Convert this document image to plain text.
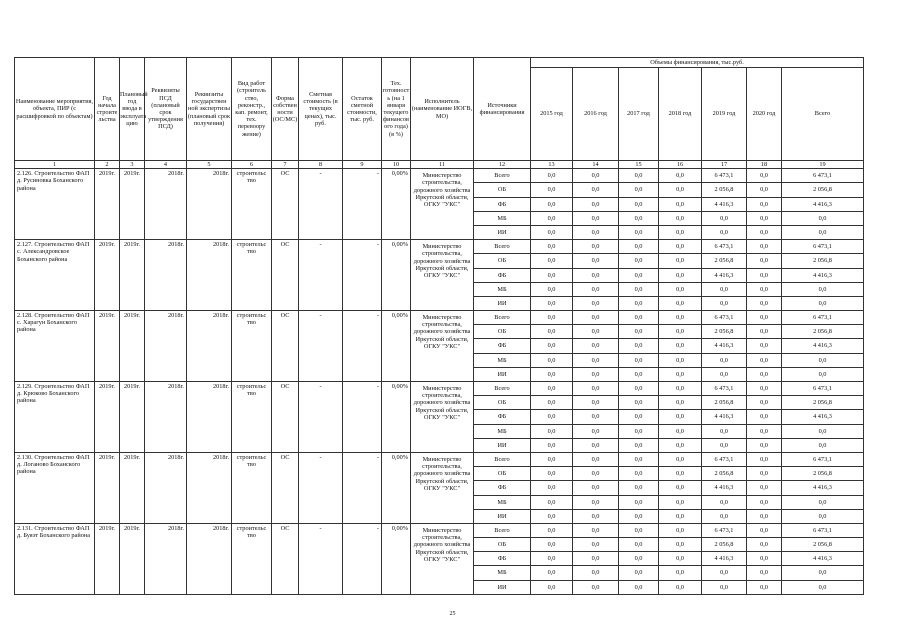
Наименование мероприятия, объекта, ПИР (с расшифровкой по объектам)	Год начала строите льства	Плановый год ввода в эксплуата цию	Реквизиты ПСД (плановый срок утверждения ПСД)	Реквизиты государствен ной экспертизы (плановый срок получения)	Вид работ (строитель ство, реконстр., кап. ремонт, тех. перевоору жение)	Форма собствен ности (ОС/МС)	Сметная стоимость (в текущих ценах), тыс. руб.	Остаток сметной стоимости, тыс. руб.	Тех. готовност ь (на 1 января текущего финансов ого года) (в %)	Исполнитель (наименование ИОГВ, МО)	Источники финансирования	Объемы финансирования, тыс.руб.						
												2015 год	2016 год	2017 год	2018 год	2019 год	2020 год	Всего
1	2	3	4	5	6	7	8	9	10	11	12	13	14	15	16	17	18	19
2.126. Строительство ФАП д. Русиновка Боханского района	2019г.	2019г.	2018г.	2018г.	строительс тво	ОС	-	-	0,00%	Министерство строительства, дорожного хозяйства Иркутской области, ОГКУ "УКС"	Всего	0,0	0,0	0,0	0,0	6 473,1	0,0	6 473,1
											ОБ	0,0	0,0	0,0	0,0	2 056,8	0,0	2 056,8
											ФБ	0,0	0,0	0,0	0,0	4 416,3	0,0	4 416,3
											МБ	0,0	0,0	0,0	0,0	0,0	0,0	0,0
											ИИ	0,0	0,0	0,0	0,0	0,0	0,0	0,0
2.127. Строительство ФАП с. Александровское Боханского района	2019г.	2019г.	2018г.	2018г.	строительс тво	ОС	-	-	0,00%	Министерство строительства, дорожного хозяйства Иркутской области, ОГКУ "УКС"	Всего	0,0	0,0	0,0	0,0	6 473,1	0,0	6 473,1
											ОБ	0,0	0,0	0,0	0,0	2 056,8	0,0	2 056,8
											ФБ	0,0	0,0	0,0	0,0	4 416,3	0,0	4 416,3
											МБ	0,0	0,0	0,0	0,0	0,0	0,0	0,0
											ИИ	0,0	0,0	0,0	0,0	0,0	0,0	0,0
2.128. Строительство ФАП с. Харагун Боханского района	2019г.	2019г.	2018г.	2018г.	строительс тво	ОС	-	-	0,00%	Министерство строительства, дорожного хозяйства Иркутской области, ОГКУ "УКС"	Всего	0,0	0,0	0,0	0,0	6 473,1	0,0	6 473,1
											ОБ	0,0	0,0	0,0	0,0	2 056,8	0,0	2 056,8
											ФБ	0,0	0,0	0,0	0,0	4 416,3	0,0	4 416,3
											МБ	0,0	0,0	0,0	0,0	0,0	0,0	0,0
											ИИ	0,0	0,0	0,0	0,0	0,0	0,0	0,0
2.129. Строительство ФАП д. Крюково Боханского района	2019г.	2019г.	2018г.	2018г.	строительс тво	ОС	-	-	0,00%	Министерство строительства, дорожного хозяйства Иркутской области, ОГКУ "УКС"	Всего	0,0	0,0	0,0	0,0	6 473,1	0,0	6 473,1
											ОБ	0,0	0,0	0,0	0,0	2 056,8	0,0	2 056,8
											ФБ	0,0	0,0	0,0	0,0	4 416,3	0,0	4 416,3
											МБ	0,0	0,0	0,0	0,0	0,0	0,0	0,0
											ИИ	0,0	0,0	0,0	0,0	0,0	0,0	0,0
2.130. Строительство ФАП д. Логаново Боханского района	2019г.	2019г.	2018г.	2018г.	строительс тво	ОС	-	-	0,00%	Министерство строительства, дорожного хозяйства Иркутской области, ОГКУ "УКС"	Всего	0,0	0,0	0,0	0,0	6 473,1	0,0	6 473,1
											ОБ	0,0	0,0	0,0	0,0	2 056,8	0,0	2 056,8
											ФБ	0,0	0,0	0,0	0,0	4 416,3	0,0	4 416,3
											МБ	0,0	0,0	0,0	0,0	0,0	0,0	0,0
											ИИ	0,0	0,0	0,0	0,0	0,0	0,0	0,0
2.131. Строительство ФАП д. Буяэт Боханского района	2019г.	2019г.	2018г.	2018г.	строительс тво	ОС	-	-	0,00%	Министерство строительства, дорожного хозяйства Иркутской области, ОГКУ "УКС"	Всего	0,0	0,0	0,0	0,0	6 473,1	0,0	6 473,1
											ОБ	0,0	0,0	0,0	0,0	2 056,8	0,0	2 056,8
											ФБ	0,0	0,0	0,0	0,0	4 416,3	0,0	4 416,3
											МБ	0,0	0,0	0,0	0,0	0,0	0,0	0,0
											ИИ	0,0	0,0	0,0	0,0	0,0	0,0	0,0
25
